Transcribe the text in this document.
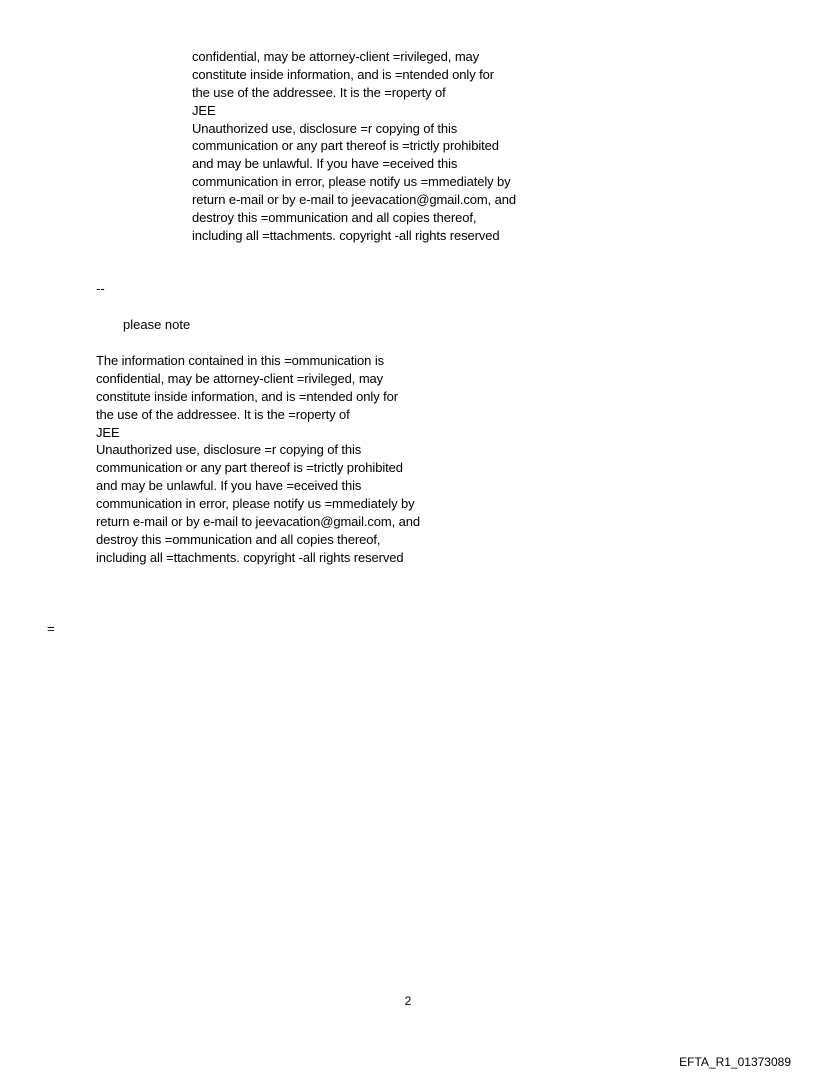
confidential, may be attorney-client =rivileged, may
constitute inside information, and is =ntended only for
the use of the addressee. It is the =roperty of
JEE
Unauthorized use, disclosure =r copying of this
communication or any part thereof is =trictly prohibited
and may be unlawful. If you have =eceived this
communication in error, please notify us =mmediately by
return e-mail or by e-mail to jeevacation@gmail.com, and
destroy this =ommunication and all copies thereof,
including all =ttachments. copyright -all rights reserved
--
please note
The information contained in this =ommunication is
confidential, may be attorney-client =rivileged, may
constitute inside information, and is =ntended only for
the use of the addressee. It is the =roperty of
JEE
Unauthorized use, disclosure =r copying of this
communication or any part thereof is =trictly prohibited
and may be unlawful. If you have =eceived this
communication in error, please notify us =mmediately by
return e-mail or by e-mail to jeevacation@gmail.com, and
destroy this =ommunication and all copies thereof,
including all =ttachments. copyright -all rights reserved
=
2
EFTA_R1_01373089
